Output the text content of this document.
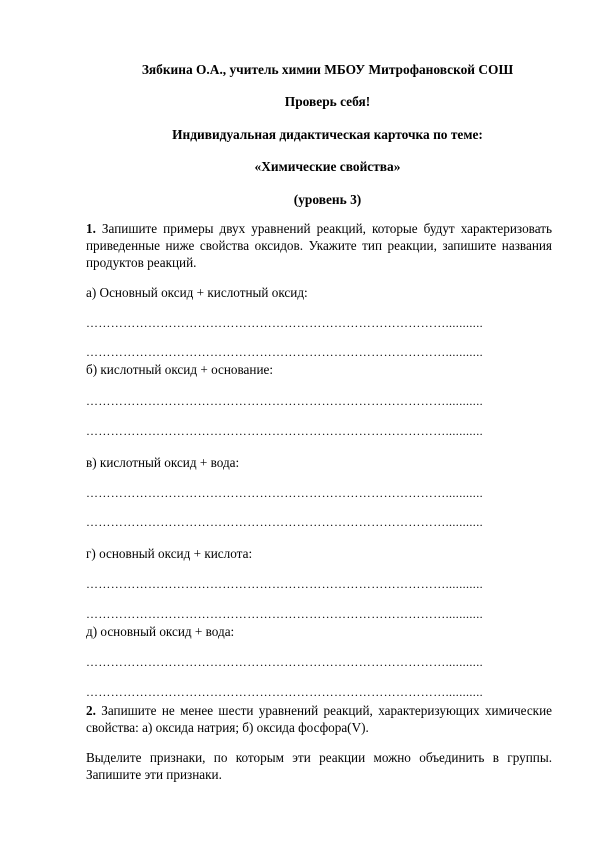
Зябкина О.А., учитель химии МБОУ Митрофановской СОШ
Проверь себя!
Индивидуальная дидактическая карточка по теме:
«Химические свойства»
(уровень 3)
1. Запишите примеры двух уравнений реакций, которые будут характеризовать приведенные ниже свойства оксидов. Укажите тип реакции, запишите названия продуктов реакций.
а) Основный оксид + кислотный оксид:
……………………………………………………………………………...........
……………………………………………………………………………...........
б) кислотный оксид + основание:
……………………………………………………………………………...........
……………………………………………………………………………...........
в) кислотный оксид + вода:
……………………………………………………………………………...........
……………………………………………………………………………...........
г) основный оксид + кислота:
……………………………………………………………………………...........
……………………………………………………………………………...........
д) основный оксид + вода:
……………………………………………………………………………...........
……………………………………………………………………………...........
2. Запишите не менее шести уравнений реакций, характеризующих химические свойства: а) оксида натрия; б) оксида фосфора(V).
Выделите признаки, по которым эти реакции можно объединить в группы. Запишите эти признаки.
